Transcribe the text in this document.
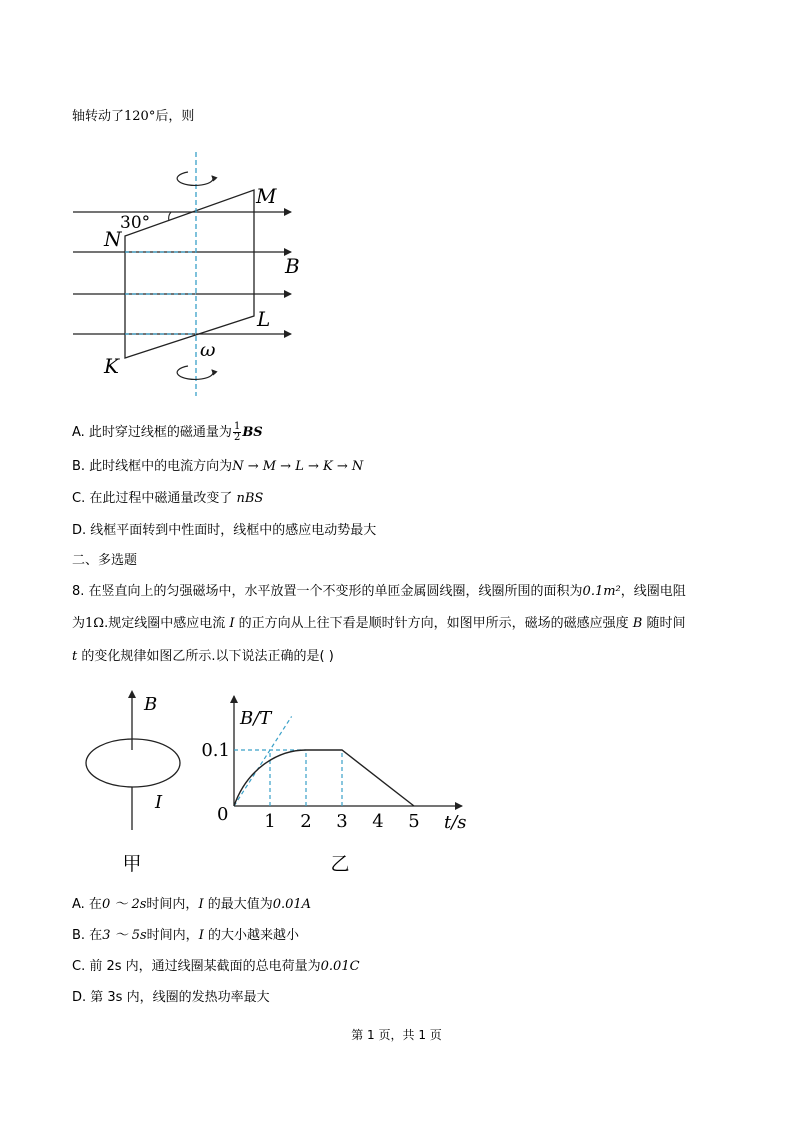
轴转动了120°后，则
30°
M
N
B
L
ω
K
A. 此时穿过线框的磁通量为 $\frac{1}{2}$ BS
B. 此时线框中的电流方向为N → M → L → K → N
C. 在此过程中磁通量改变了 nBS
D. 线框平面转到中性面时，线框中的感应电动势最大
二、多选题
8. 在竖直向上的匀强磁场中，水平放置一个不变形的单匝金属圆线圈，线圈所围的面积为0.1m²，线圈电阻
为1Ω.规定线圈中感应电流 I 的正方向从上往下看是顺时针方向，如图甲所示，磁场的磁感应强度 B 随时间
t 的变化规律如图乙所示.以下说法正确的是( )
B
I
甲
B/T
t/s
0 1 2 3 4 5
0.1
乙
A. 在0 ～ 2s时间内，I 的最大值为0.01A
B. 在3 ～ 5s时间内，I 的大小越来越小
C. 前 2s 内，通过线圈某截面的总电荷量为0.01C
D. 第 3s 内，线圈的发热功率最大
第 1 页，共 1 页
